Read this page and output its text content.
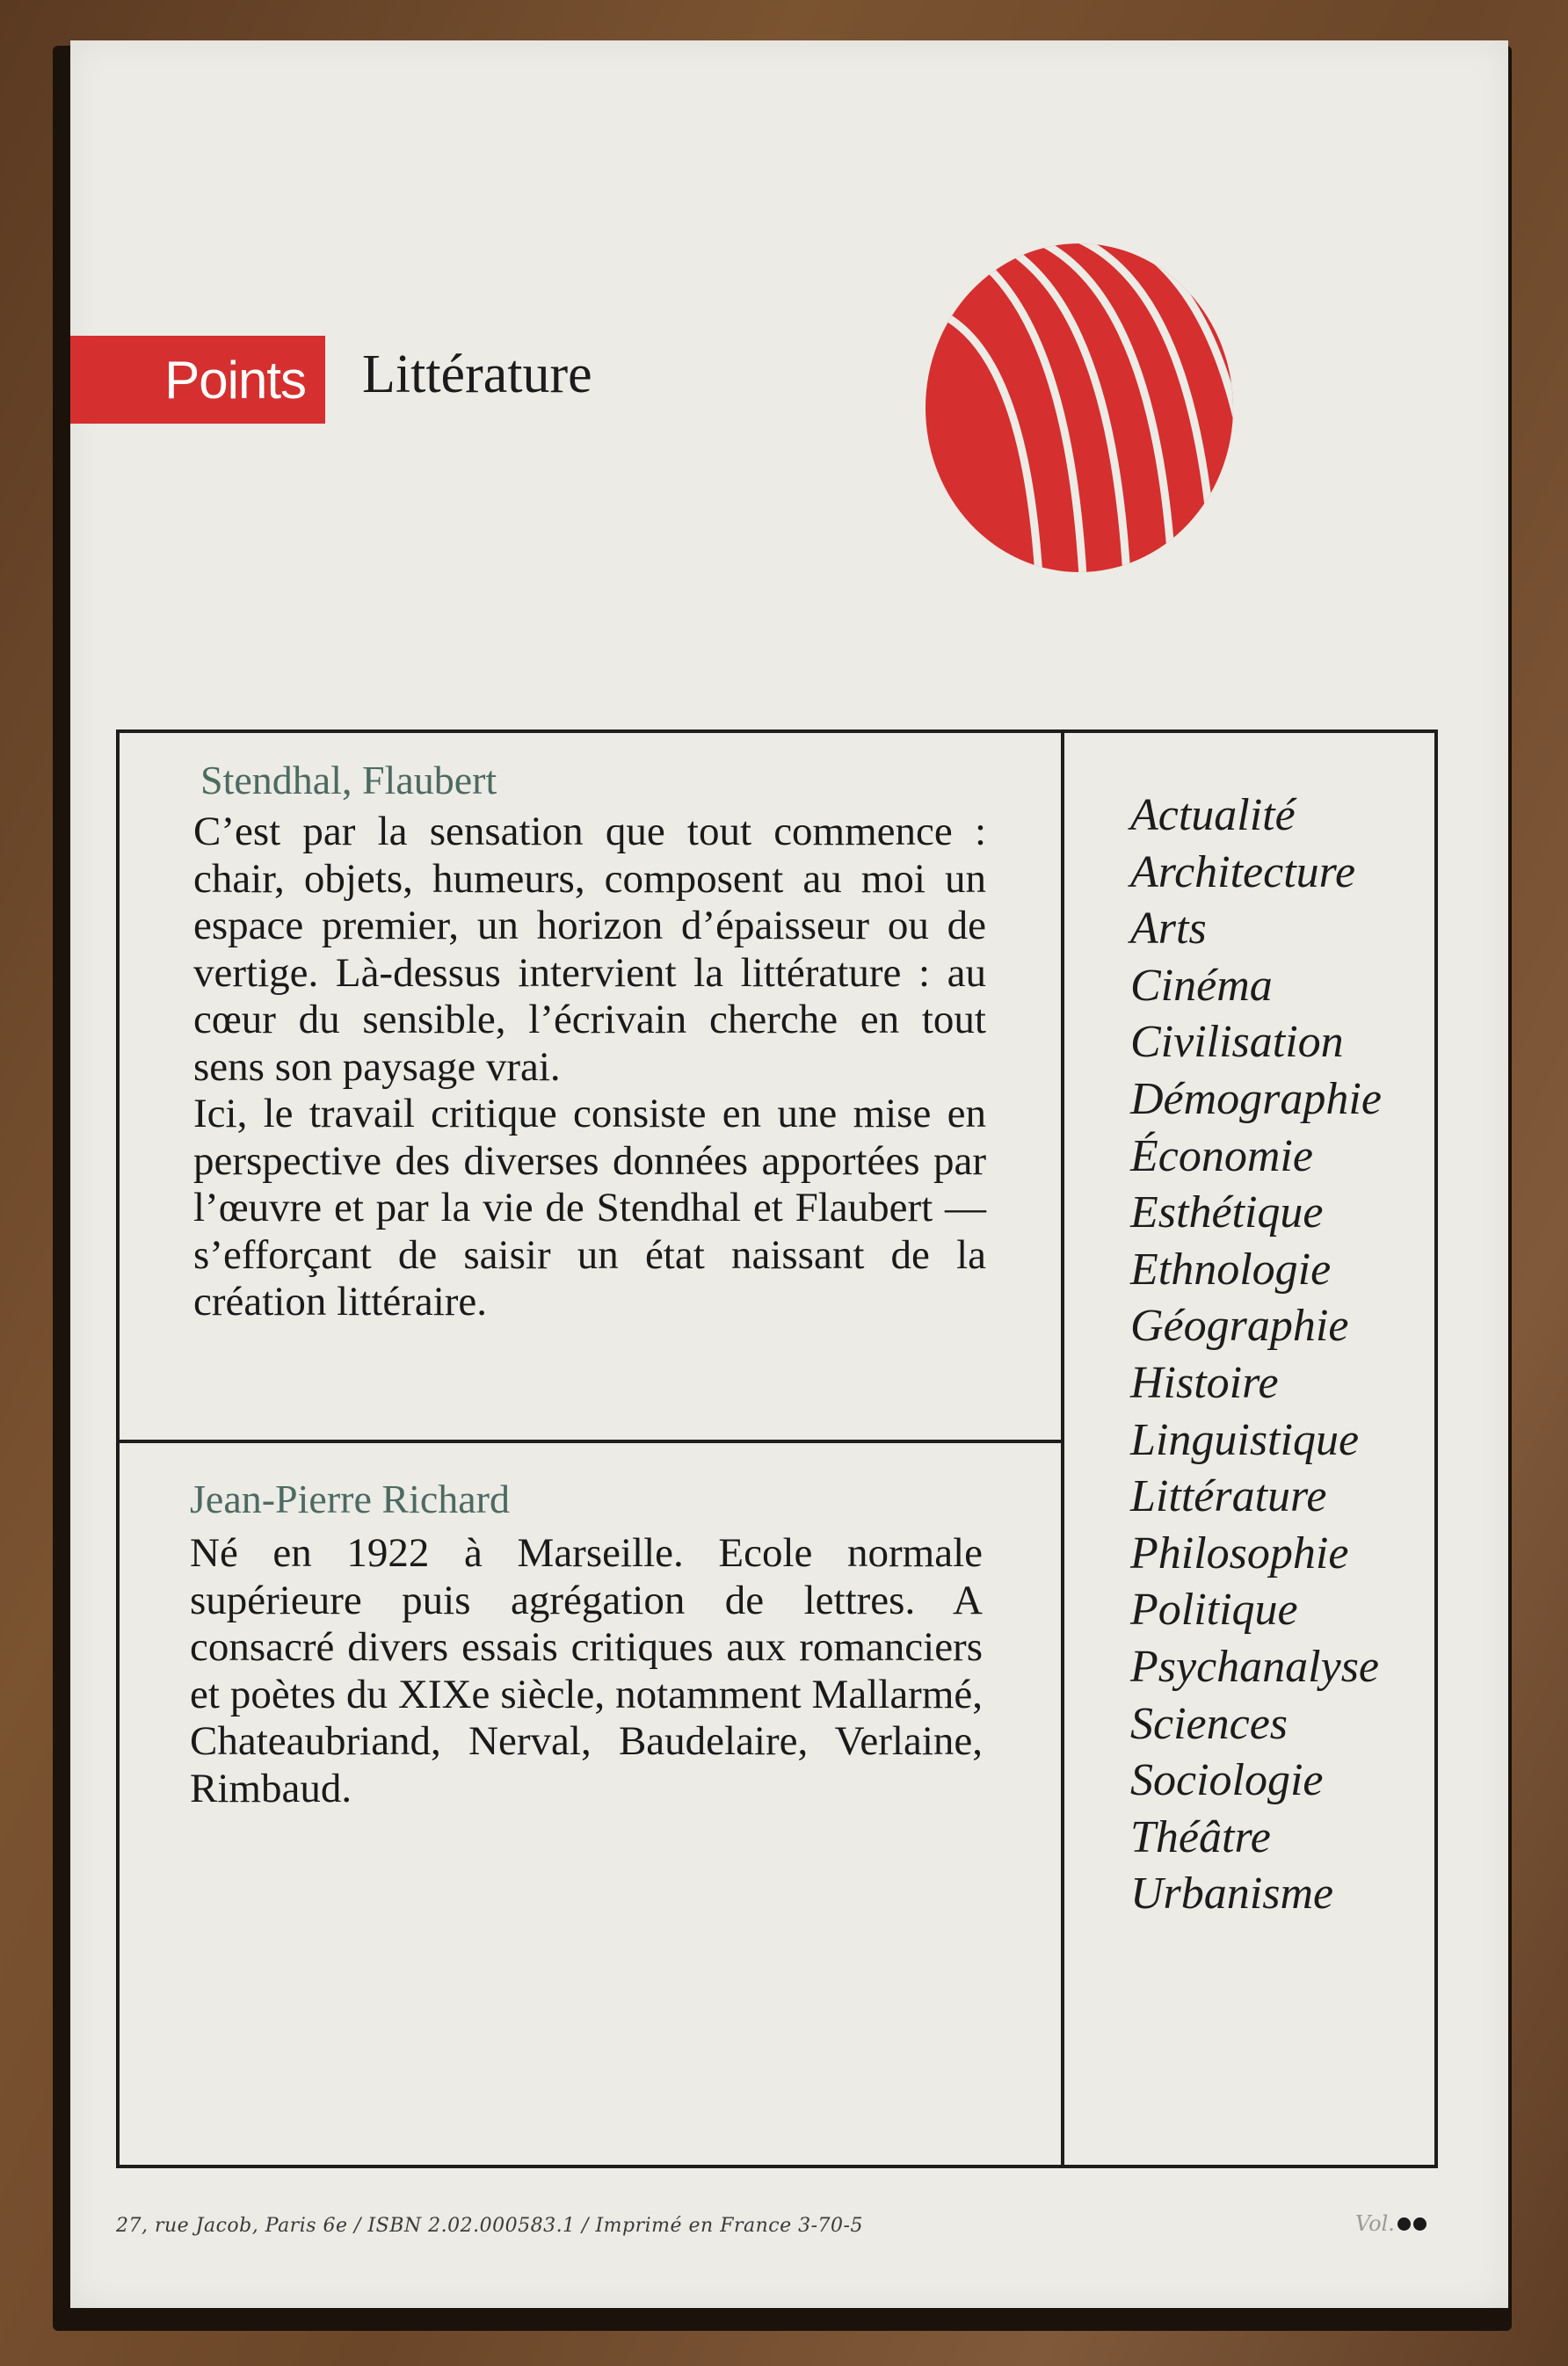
Points Littérature
Stendhal, Flaubert

C’est par la sensation que tout commence : chair, objets, humeurs, composent au moi un espace premier, un horizon d’épaisseur ou de vertige. Là-dessus intervient la littérature : au cœur du sensible, l’écrivain cherche en tout sens son paysage vrai.

Ici, le travail critique consiste en une mise en perspective des diverses données apportées par l’œuvre et par la vie de Stendhal et Flaubert — s’efforçant de saisir un état naissant de la création littéraire.

Jean-Pierre Richard

Né en 1922 à Marseille. Ecole normale supérieure puis agrégation de lettres. A consacré divers essais critiques aux romanciers et poètes du XIXe siècle, notamment Mallarmé, Chateaubriand, Nerval, Baudelaire, Verlaine, Rimbaud.

Actualité
Architecture
Arts
Cinéma
Civilisation
Démographie
Économie
Esthétique
Ethnologie
Géographie
Histoire
Linguistique
Littérature
Philosophie
Politique
Psychanalyse
Sciences
Sociologie
Théâtre
Urbanisme
27, rue Jacob, Paris 6e / ISBN 2.02.000583.1 / Imprimé en France 3-70-5	Vol.
